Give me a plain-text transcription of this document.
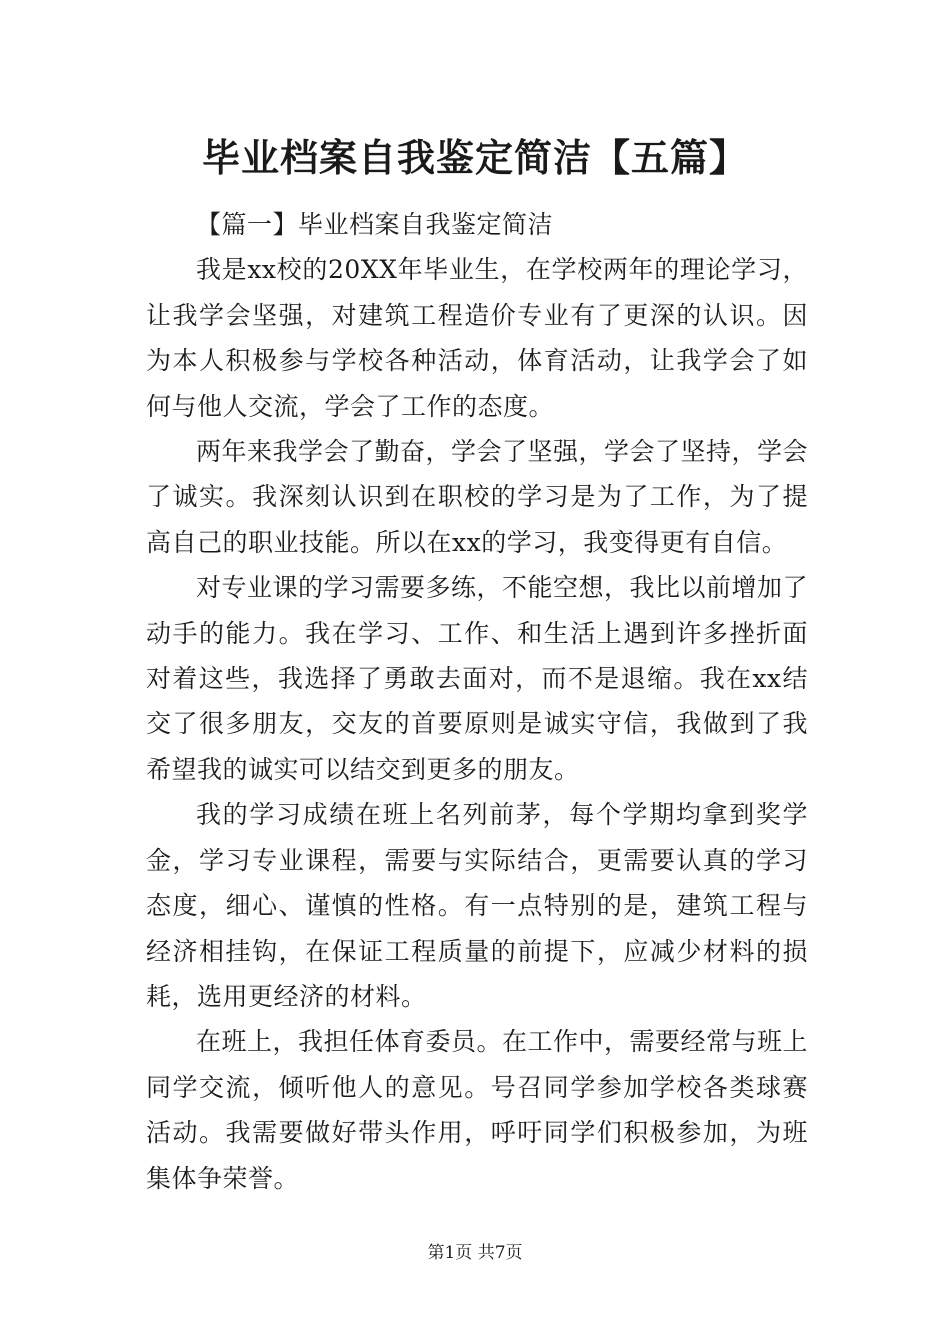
毕业档案自我鉴定简洁【五篇】

【篇一】毕业档案自我鉴定简洁

我是xx校的20XX年毕业生，在学校两年的理论学习，让我学会坚强，对建筑工程造价专业有了更深的认识。因为本人积极参与学校各种活动，体育活动，让我学会了如何与他人交流，学会了工作的态度。

两年来我学会了勤奋，学会了坚强，学会了坚持，学会了诚实。我深刻认识到在职校的学习是为了工作，为了提高自己的职业技能。所以在xx的学习，我变得更有自信。

对专业课的学习需要多练，不能空想，我比以前增加了动手的能力。我在学习、工作、和生活上遇到许多挫折面对着这些，我选择了勇敢去面对，而不是退缩。我在xx结交了很多朋友，交友的首要原则是诚实守信，我做到了我希望我的诚实可以结交到更多的朋友。

我的学习成绩在班上名列前茅，每个学期均拿到奖学金，学习专业课程，需要与实际结合，更需要认真的学习态度，细心、谨慎的性格。有一点特别的是，建筑工程与经济相挂钩，在保证工程质量的前提下，应减少材料的损耗，选用更经济的材料。

在班上，我担任体育委员。在工作中，需要经常与班上同学交流，倾听他人的意见。号召同学参加学校各类球赛活动。我需要做好带头作用，呼吁同学们积极参加，为班集体争荣誉。

第1页 共7页
